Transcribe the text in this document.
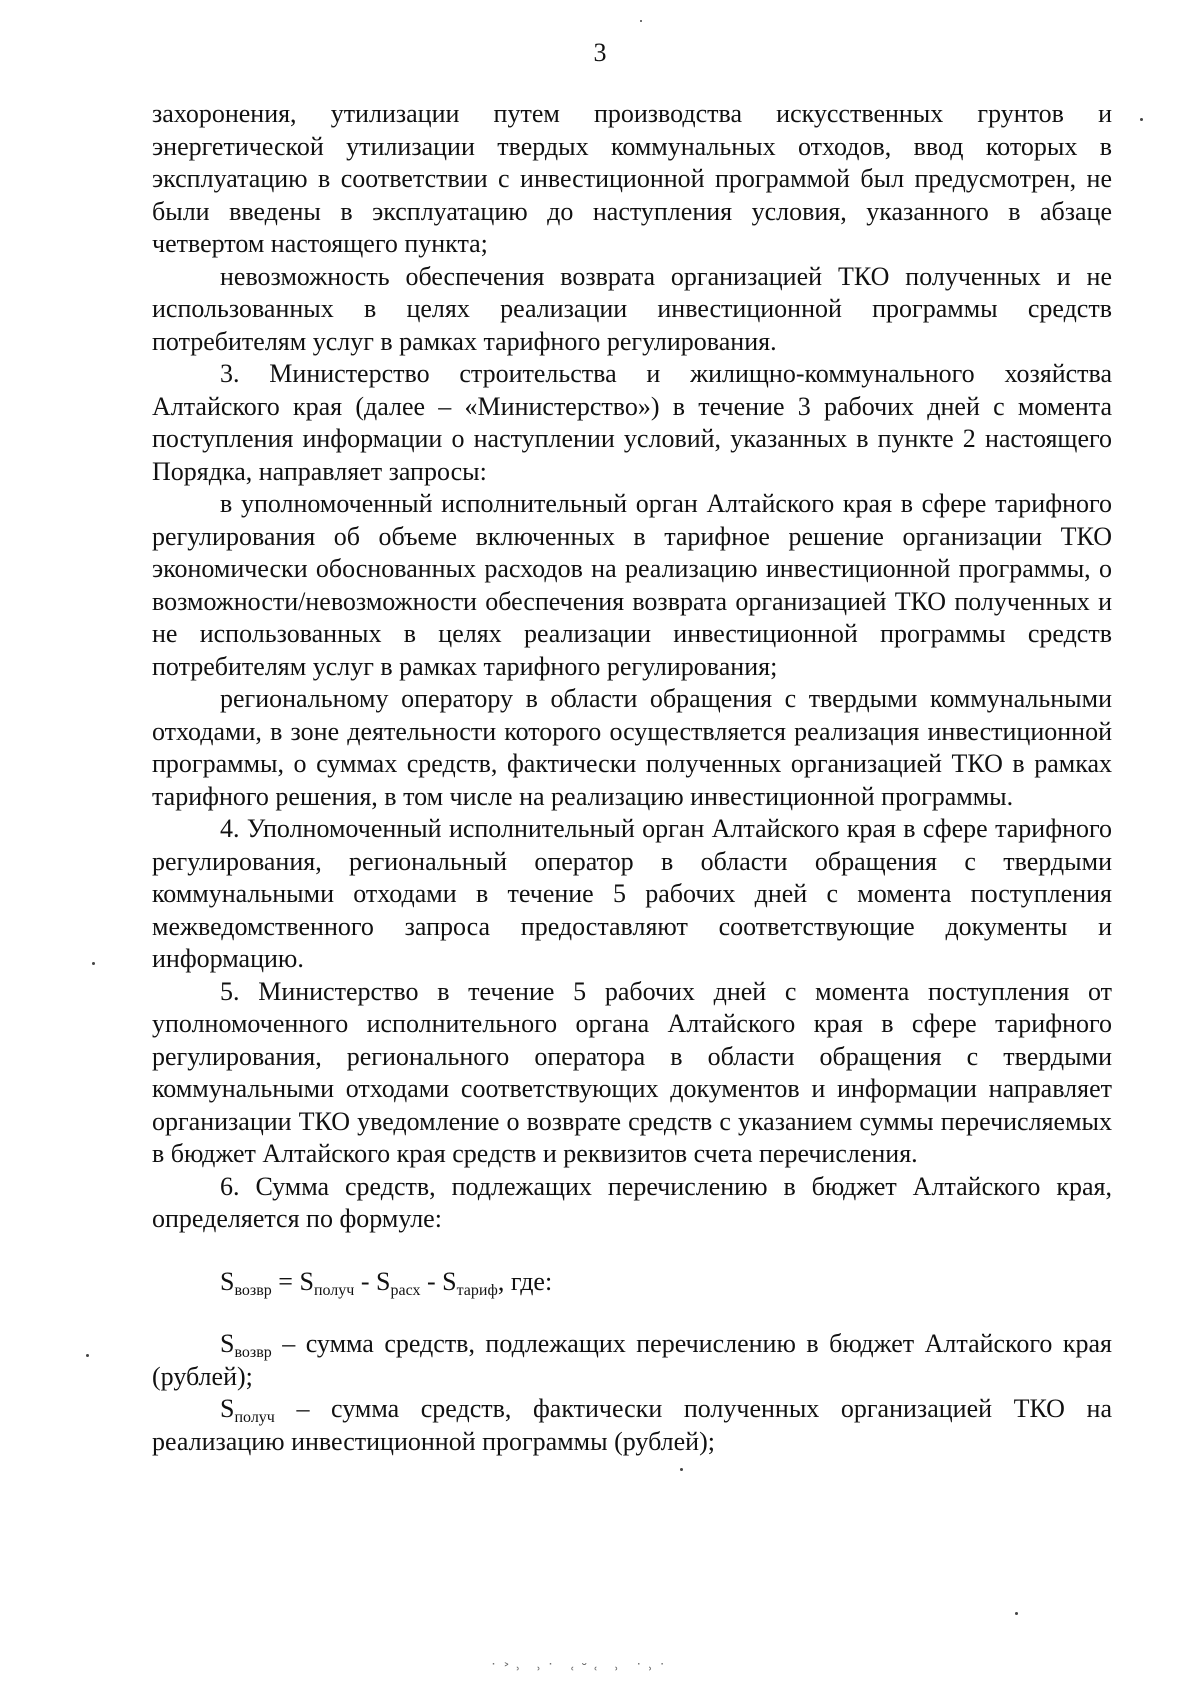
3

захоронения, утилизации путем производства искусственных грунтов и энергетической утилизации твердых коммунальных отходов, ввод которых в эксплуатацию в соответствии с инвестиционной программой был предусмотрен, не были введены в эксплуатацию до наступления условия, указанного в абзаце четвертом настоящего пункта;

невозможность обеспечения возврата организацией ТКО полученных и не использованных в целях реализации инвестиционной программы средств потребителям услуг в рамках тарифного регулирования.

3. Министерство строительства и жилищно-коммунального хозяйства Алтайского края (далее – «Министерство») в течение 3 рабочих дней с момента поступления информации о наступлении условий, указанных в пункте 2 настоящего Порядка, направляет запросы:

в уполномоченный исполнительный орган Алтайского края в сфере тарифного регулирования об объеме включенных в тарифное решение организации ТКО экономически обоснованных расходов на реализацию инвестиционной программы, о возможности/невозможности обеспечения возврата организацией ТКО полученных и не использованных в целях реализации инвестиционной программы средств потребителям услуг в рамках тарифного регулирования;

региональному оператору в области обращения с твердыми коммунальными отходами, в зоне деятельности которого осуществляется реализация инвестиционной программы, о суммах средств, фактически полученных организацией ТКО в рамках тарифного решения, в том числе на реализацию инвестиционной программы.

4. Уполномоченный исполнительный орган Алтайского края в сфере тарифного регулирования, региональный оператор в области обращения с твердыми коммунальными отходами в течение 5 рабочих дней с момента поступления межведомственного запроса предоставляют соответствующие документы и информацию.

5. Министерство в течение 5 рабочих дней с момента поступления от уполномоченного исполнительного органа Алтайского края в сфере тарифного регулирования, регионального оператора в области обращения с твердыми коммунальными отходами соответствующих документов и информации направляет организации ТКО уведомление о возврате средств с указанием суммы перечисляемых в бюджет Алтайского края средств и реквизитов счета перечисления.

6. Сумма средств, подлежащих перечислению в бюджет Алтайского края, определяется по формуле:

$S_{возвр} = S_{получ} - S_{расх} - S_{тариф}$, где:

$S_{возвр}$ – сумма средств, подлежащих перечислению в бюджет Алтайского края (рублей);

$S_{получ}$ – сумма средств, фактически полученных организацией ТКО на реализацию инвестиционной программы (рублей);

˙˃˒ ˒˙ ˓˘˓ ˒ ˙˒˙
